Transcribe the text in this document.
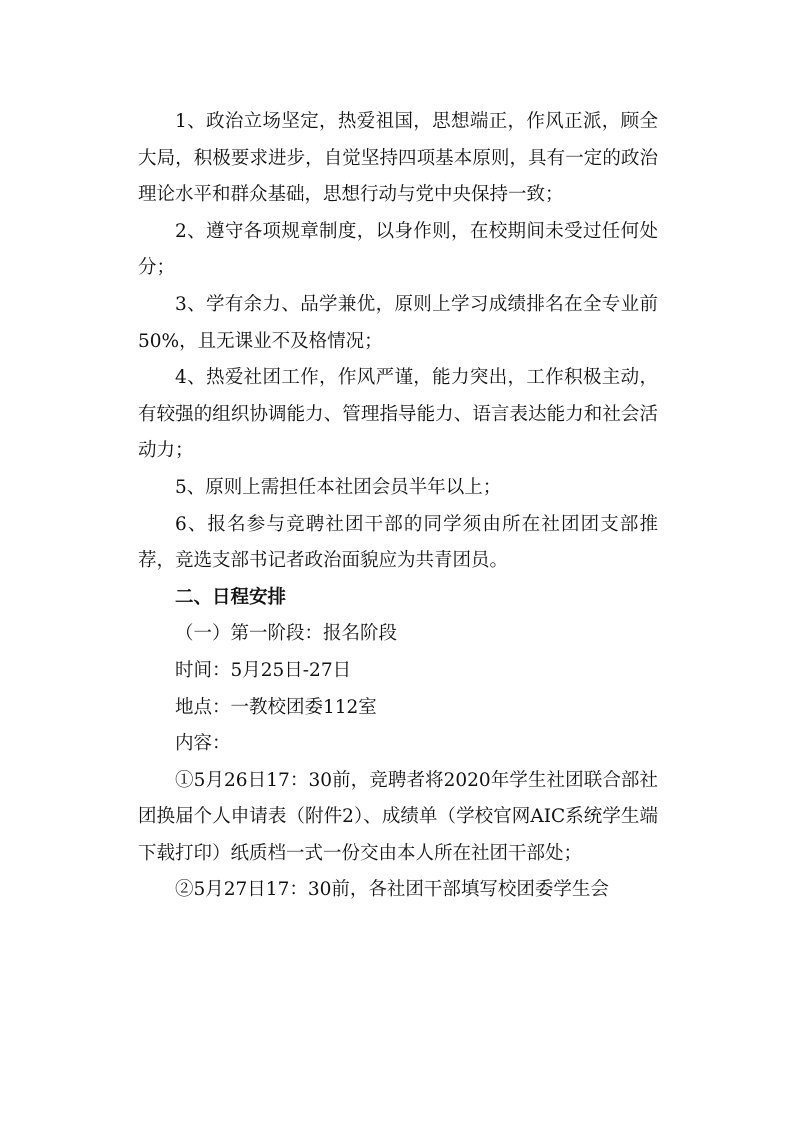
1、政治立场坚定，热爱祖国，思想端正，作风正派，顾全大局，积极要求进步，自觉坚持四项基本原则，具有一定的政治理论水平和群众基础，思想行动与党中央保持一致；

2、遵守各项规章制度，以身作则，在校期间未受过任何处分；

3、学有余力、品学兼优，原则上学习成绩排名在全专业前50%，且无课业不及格情况；

4、热爱社团工作，作风严谨，能力突出，工作积极主动，有较强的组织协调能力、管理指导能力、语言表达能力和社会活动力；

5、原则上需担任本社团会员半年以上；

6、报名参与竞聘社团干部的同学须由所在社团团支部推荐，竞选支部书记者政治面貌应为共青团员。

二、日程安排

（一）第一阶段：报名阶段

时间：5月25日-27日

地点：一教校团委112室

内容：

①5月26日17：30前，竞聘者将2020年学生社团联合部社团换届个人申请表（附件2）、成绩单（学校官网AIC系统学生端下载打印）纸质档一式一份交由本人所在社团干部处；

②5月27日17：30前，各社团干部填写校团委学生会
